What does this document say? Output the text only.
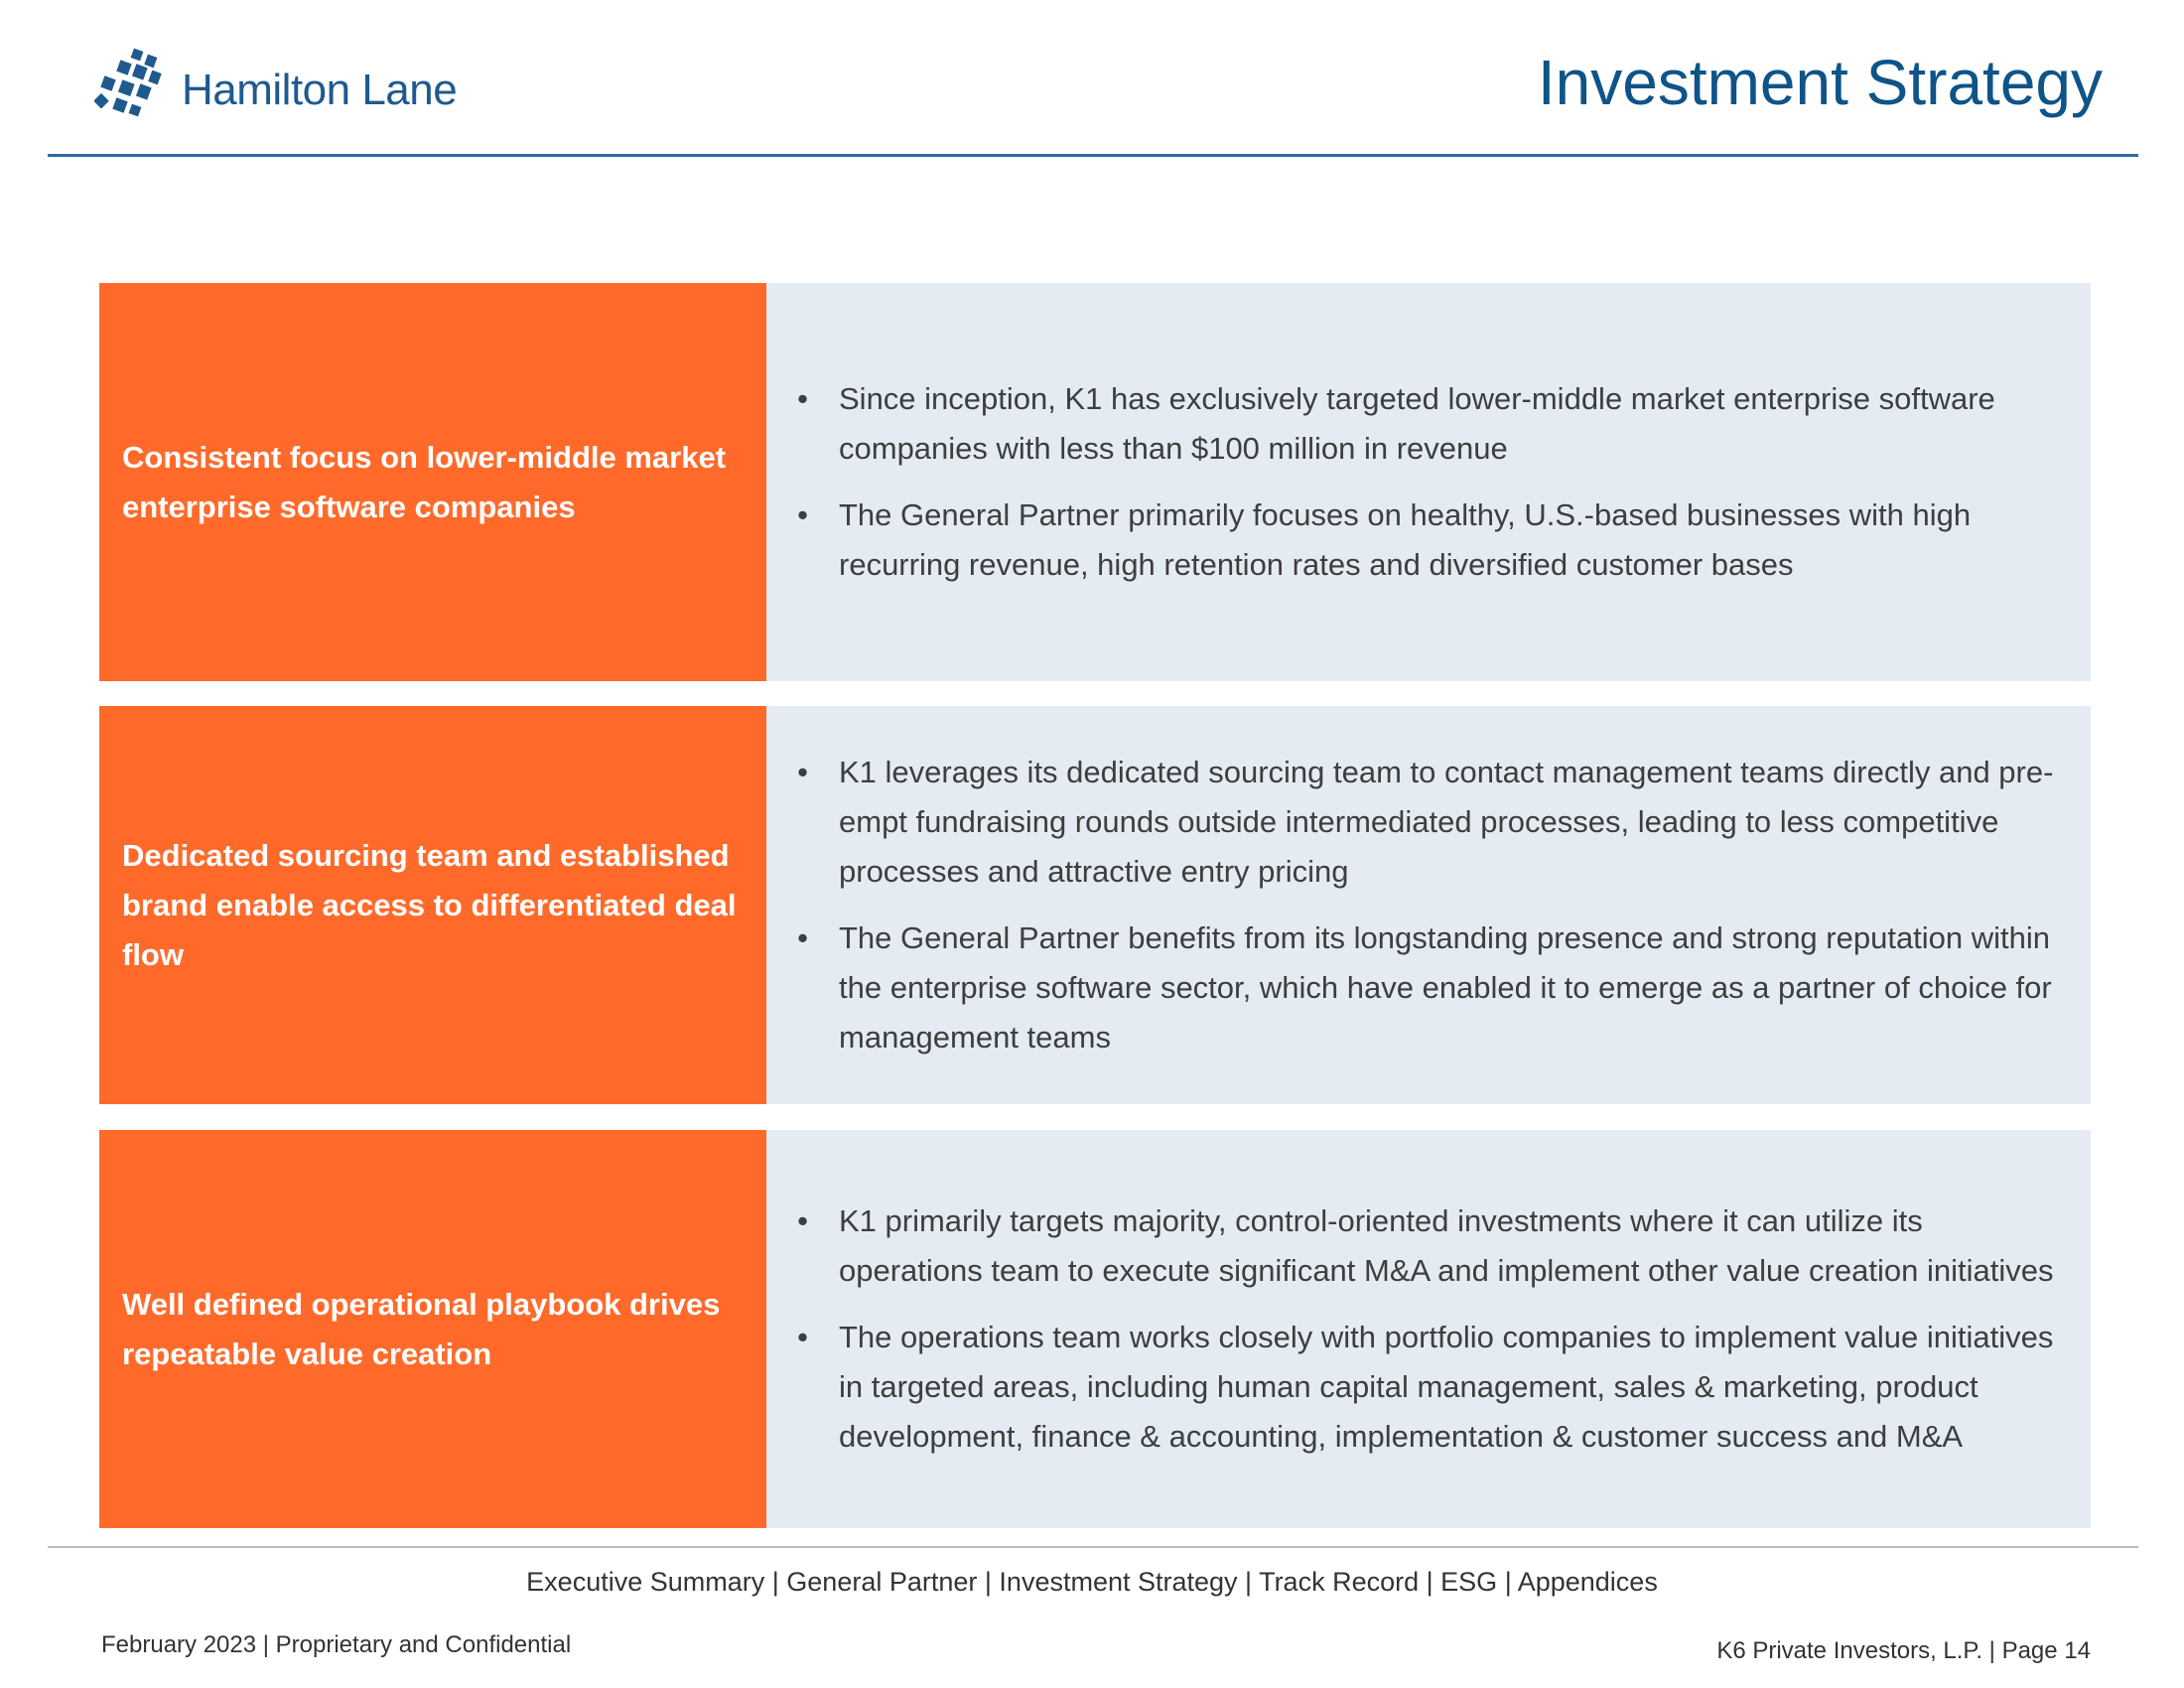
Hamilton Lane	Investment Strategy
Consistent focus on lower-middle market enterprise software companies
•	Since inception, K1 has exclusively targeted lower-middle market enterprise software companies with less than $100 million in revenue
•	The General Partner primarily focuses on healthy, U.S.-based businesses with high recurring revenue, high retention rates and diversified customer bases
Dedicated sourcing team and established brand enable access to differentiated deal flow
•	K1 leverages its dedicated sourcing team to contact management teams directly and pre-empt fundraising rounds outside intermediated processes, leading to less competitive processes and attractive entry pricing
•	The General Partner benefits from its longstanding presence and strong reputation within the enterprise software sector, which have enabled it to emerge as a partner of choice for management teams
Well defined operational playbook drives repeatable value creation
•	K1 primarily targets majority, control-oriented investments where it can utilize its operations team to execute significant M&A and implement other value creation initiatives
•	The operations team works closely with portfolio companies to implement value initiatives in targeted areas, including human capital management, sales & marketing, product development, finance & accounting, implementation & customer success and M&A
Executive Summary | General Partner | Investment Strategy | Track Record | ESG | Appendices
February 2023 | Proprietary and Confidential	K6 Private Investors, L.P. | Page 14
